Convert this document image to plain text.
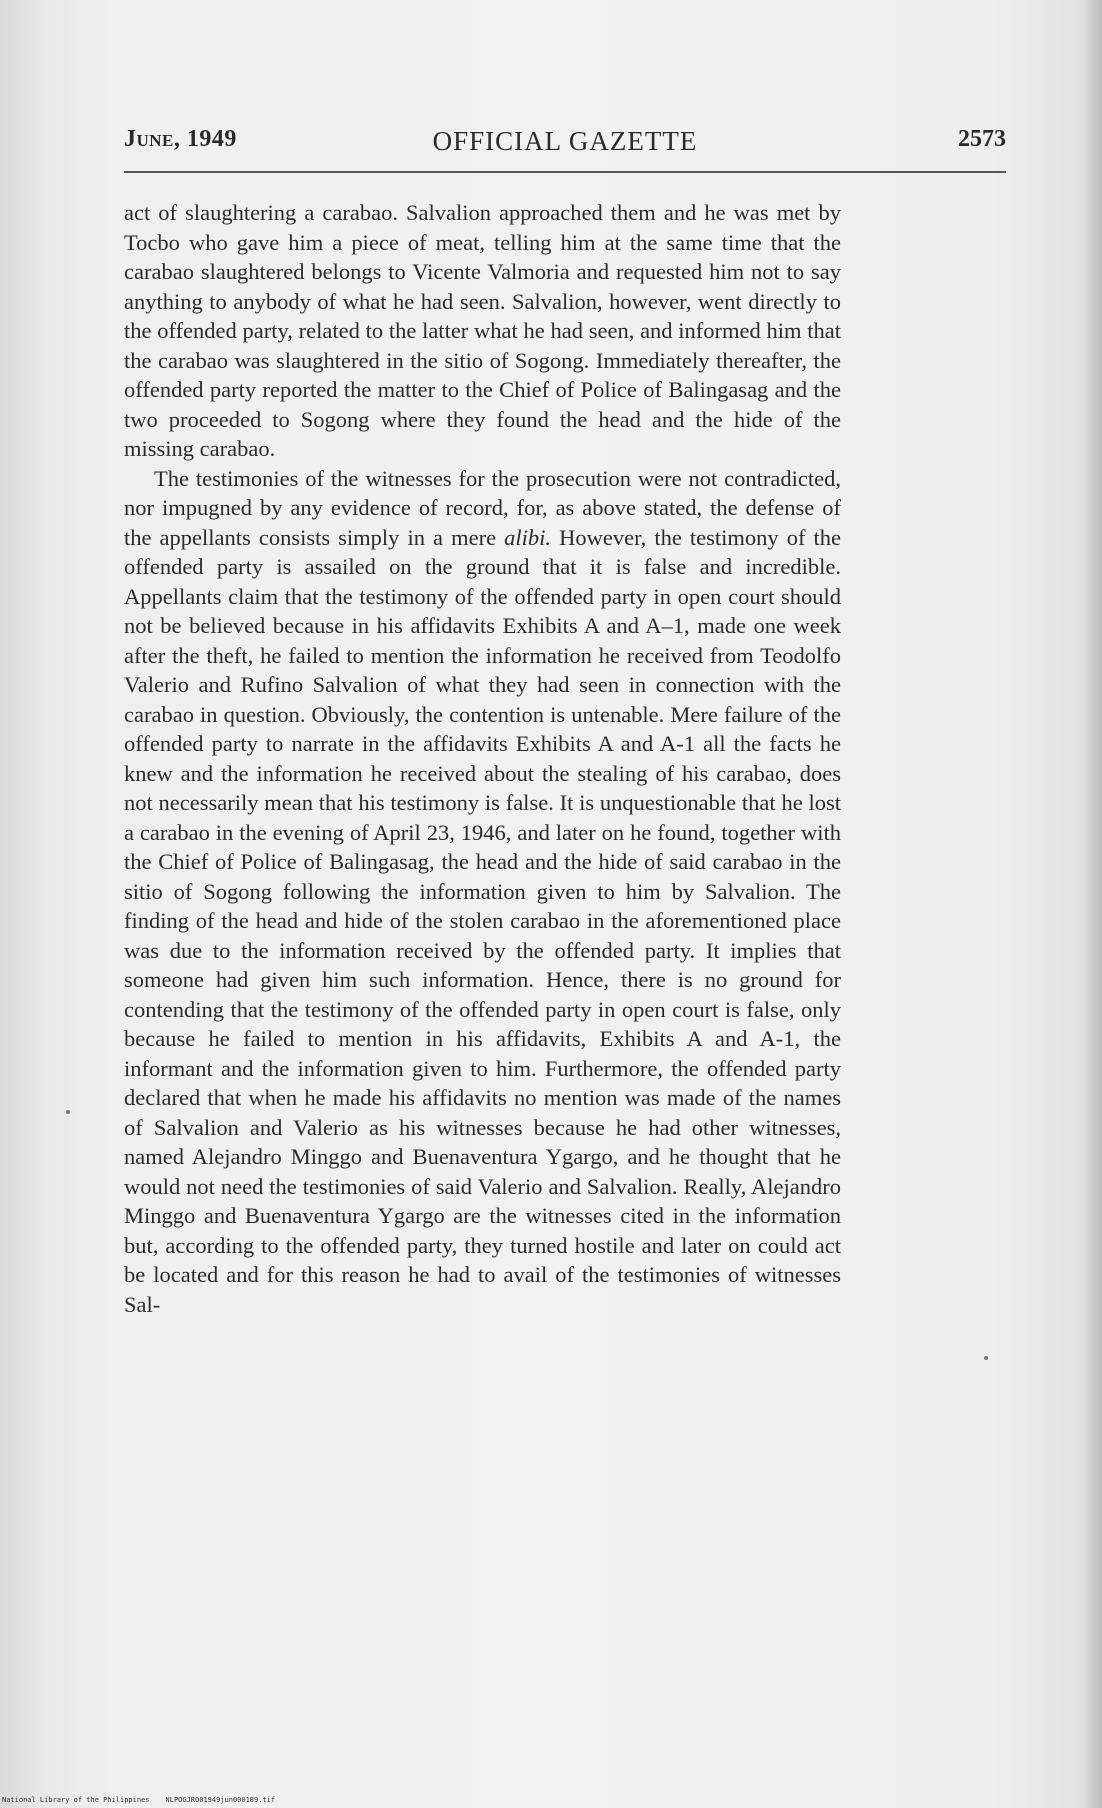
June, 1949	OFFICIAL GAZETTE	2573

act of slaughtering a carabao. Salvalion approached them and he was met by Tocbo who gave him a piece of meat, telling him at the same time that the carabao slaughtered belongs to Vicente Valmoria and requested him not to say anything to anybody of what he had seen. Salvalion, however, went directly to the offended party, related to the latter what he had seen, and informed him that the carabao was slaughtered in the sitio of Sogong. Immediately thereafter, the offended party reported the matter to the Chief of Police of Balingasag and the two proceeded to Sogong where they found the head and the hide of the missing carabao.

The testimonies of the witnesses for the prosecution were not contradicted, nor impugned by any evidence of record, for, as above stated, the defense of the appellants consists simply in a mere alibi. However, the testimony of the offended party is assailed on the ground that it is false and incredible. Appellants claim that the testimony of the offended party in open court should not be believed because in his affidavits Exhibits A and A–1, made one week after the theft, he failed to mention the information he received from Teodolfo Valerio and Rufino Salvalion of what they had seen in connection with the carabao in question. Obviously, the contention is untenable. Mere failure of the offended party to narrate in the affidavits Exhibits A and A-1 all the facts he knew and the information he received about the stealing of his carabao, does not necessarily mean that his testimony is false. It is unquestionable that he lost a carabao in the evening of April 23, 1946, and later on he found, together with the Chief of Police of Balingasag, the head and the hide of said carabao in the sitio of Sogong following the information given to him by Salvalion. The finding of the head and hide of the stolen carabao in the aforementioned place was due to the information received by the offended party. It implies that someone had given him such information. Hence, there is no ground for contending that the testimony of the offended party in open court is false, only because he failed to mention in his affidavits, Exhibits A and A-1, the informant and the information given to him. Furthermore, the offended party declared that when he made his affidavits no mention was made of the names of Salvalion and Valerio as his witnesses because he had other witnesses, named Alejandro Minggo and Buenaventura Ygargo, and he thought that he would not need the testimonies of said Valerio and Salvalion. Really, Alejandro Minggo and Buenaventura Ygargo are the witnesses cited in the information but, according to the offended party, they turned hostile and later on could act be located and for this reason he had to avail of the testimonies of witnesses Sal-

National Library of the Philippines NLPOGJRO01949jun000189.tif
